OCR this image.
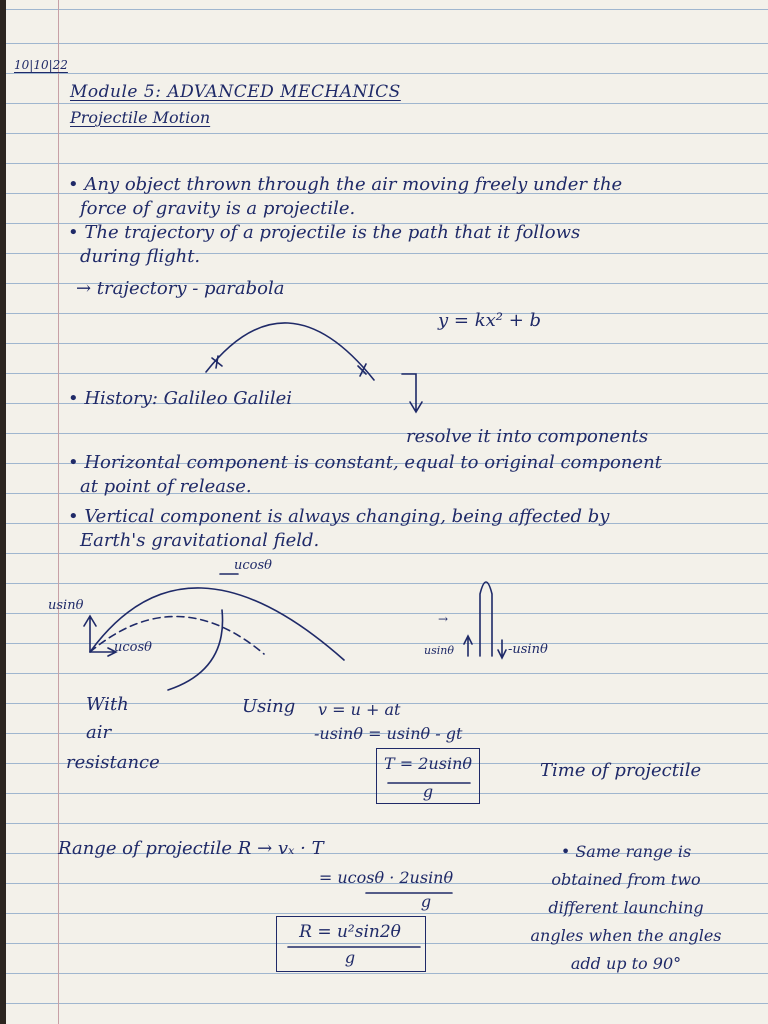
10|10|22
Module 5: ADVANCED MECHANICS
Projectile Motion
• Any object thrown through the air moving freely under the
force of gravity is a projectile.
• The trajectory of a projectile is the path that it follows
during flight.
→ trajectory - parabola
y = kx² + b
• History: Galileo Galilei
resolve it into components
• Horizontal component is constant, equal to original component
at point of release.
• Vertical component is always changing, being affected by
Earth's gravitational field.
ucosθ
usinθ
ucosθ
→
usinθ	-usinθ
With
air
resistance
Using v = u + at
-usinθ = usinθ - gt
T = 2usinθ
g
Time of projectile
Range of projectile R → vₓ · T
= ucosθ · 2usinθ
g
R = u²sin2θ
g
• Same range is
obtained from two
different launching
angles when the angles
add up to 90°
